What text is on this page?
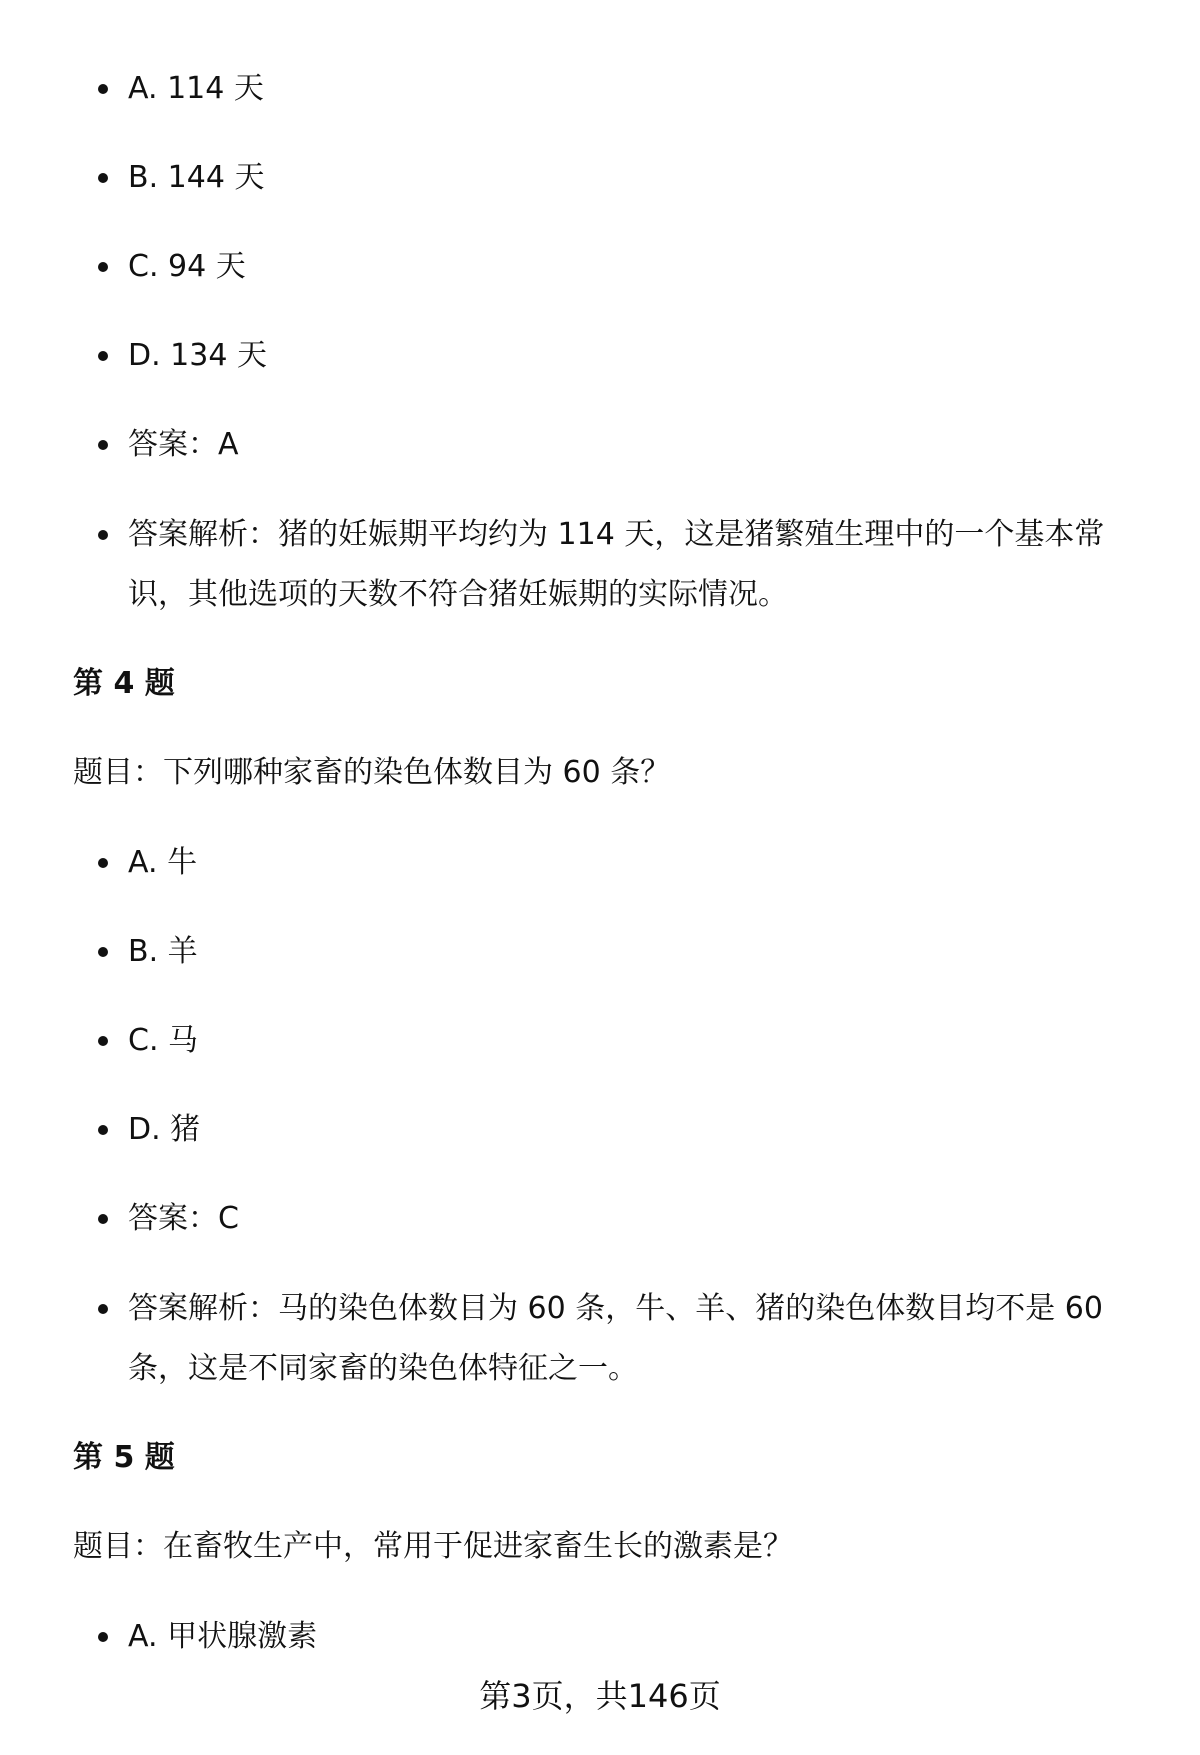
A. 114 天
B. 144 天
C. 94 天
D. 134 天
答案：A
答案解析：猪的妊娠期平均约为 114 天，这是猪繁殖生理中的一个基本常识，其他选项的天数不符合猪妊娠期的实际情况。
第 4 题
题目：下列哪种家畜的染色体数目为 60 条？
A. 牛
B. 羊
C. 马
D. 猪
答案：C
答案解析：马的染色体数目为 60 条，牛、羊、猪的染色体数目均不是 60 条，这是不同家畜的染色体特征之一。
第 5 题
题目：在畜牧生产中，常用于促进家畜生长的激素是？
A. 甲状腺激素
第3页，共146页
